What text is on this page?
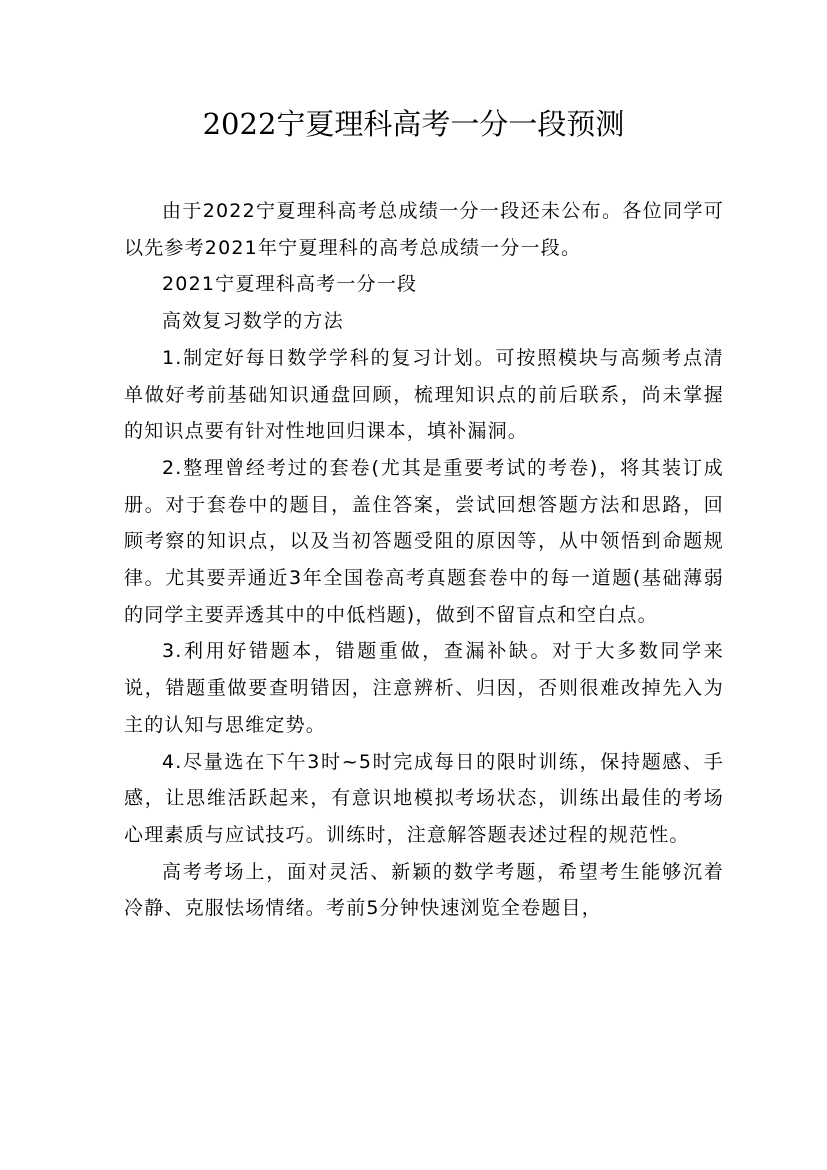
2022宁夏理科高考一分一段预测

由于2022宁夏理科高考总成绩一分一段还未公布。各位同学可以先参考2021年宁夏理科的高考总成绩一分一段。

2021宁夏理科高考一分一段

高效复习数学的方法

1.制定好每日数学学科的复习计划。可按照模块与高频考点清单做好考前基础知识通盘回顾，梳理知识点的前后联系，尚未掌握的知识点要有针对性地回归课本，填补漏洞。

2.整理曾经考过的套卷(尤其是重要考试的考卷)，将其装订成册。对于套卷中的题目，盖住答案，尝试回想答题方法和思路，回顾考察的知识点，以及当初答题受阻的原因等，从中领悟到命题规律。尤其要弄通近3年全国卷高考真题套卷中的每一道题(基础薄弱的同学主要弄透其中的中低档题)，做到不留盲点和空白点。

3.利用好错题本，错题重做，查漏补缺。对于大多数同学来说，错题重做要查明错因，注意辨析、归因，否则很难改掉先入为主的认知与思维定势。

4.尽量选在下午3时~5时完成每日的限时训练，保持题感、手感，让思维活跃起来，有意识地模拟考场状态，训练出最佳的考场心理素质与应试技巧。训练时，注意解答题表述过程的规范性。

高考考场上，面对灵活、新颖的数学考题，希望考生能够沉着冷静、克服怯场情绪。考前5分钟快速浏览全卷题目，
